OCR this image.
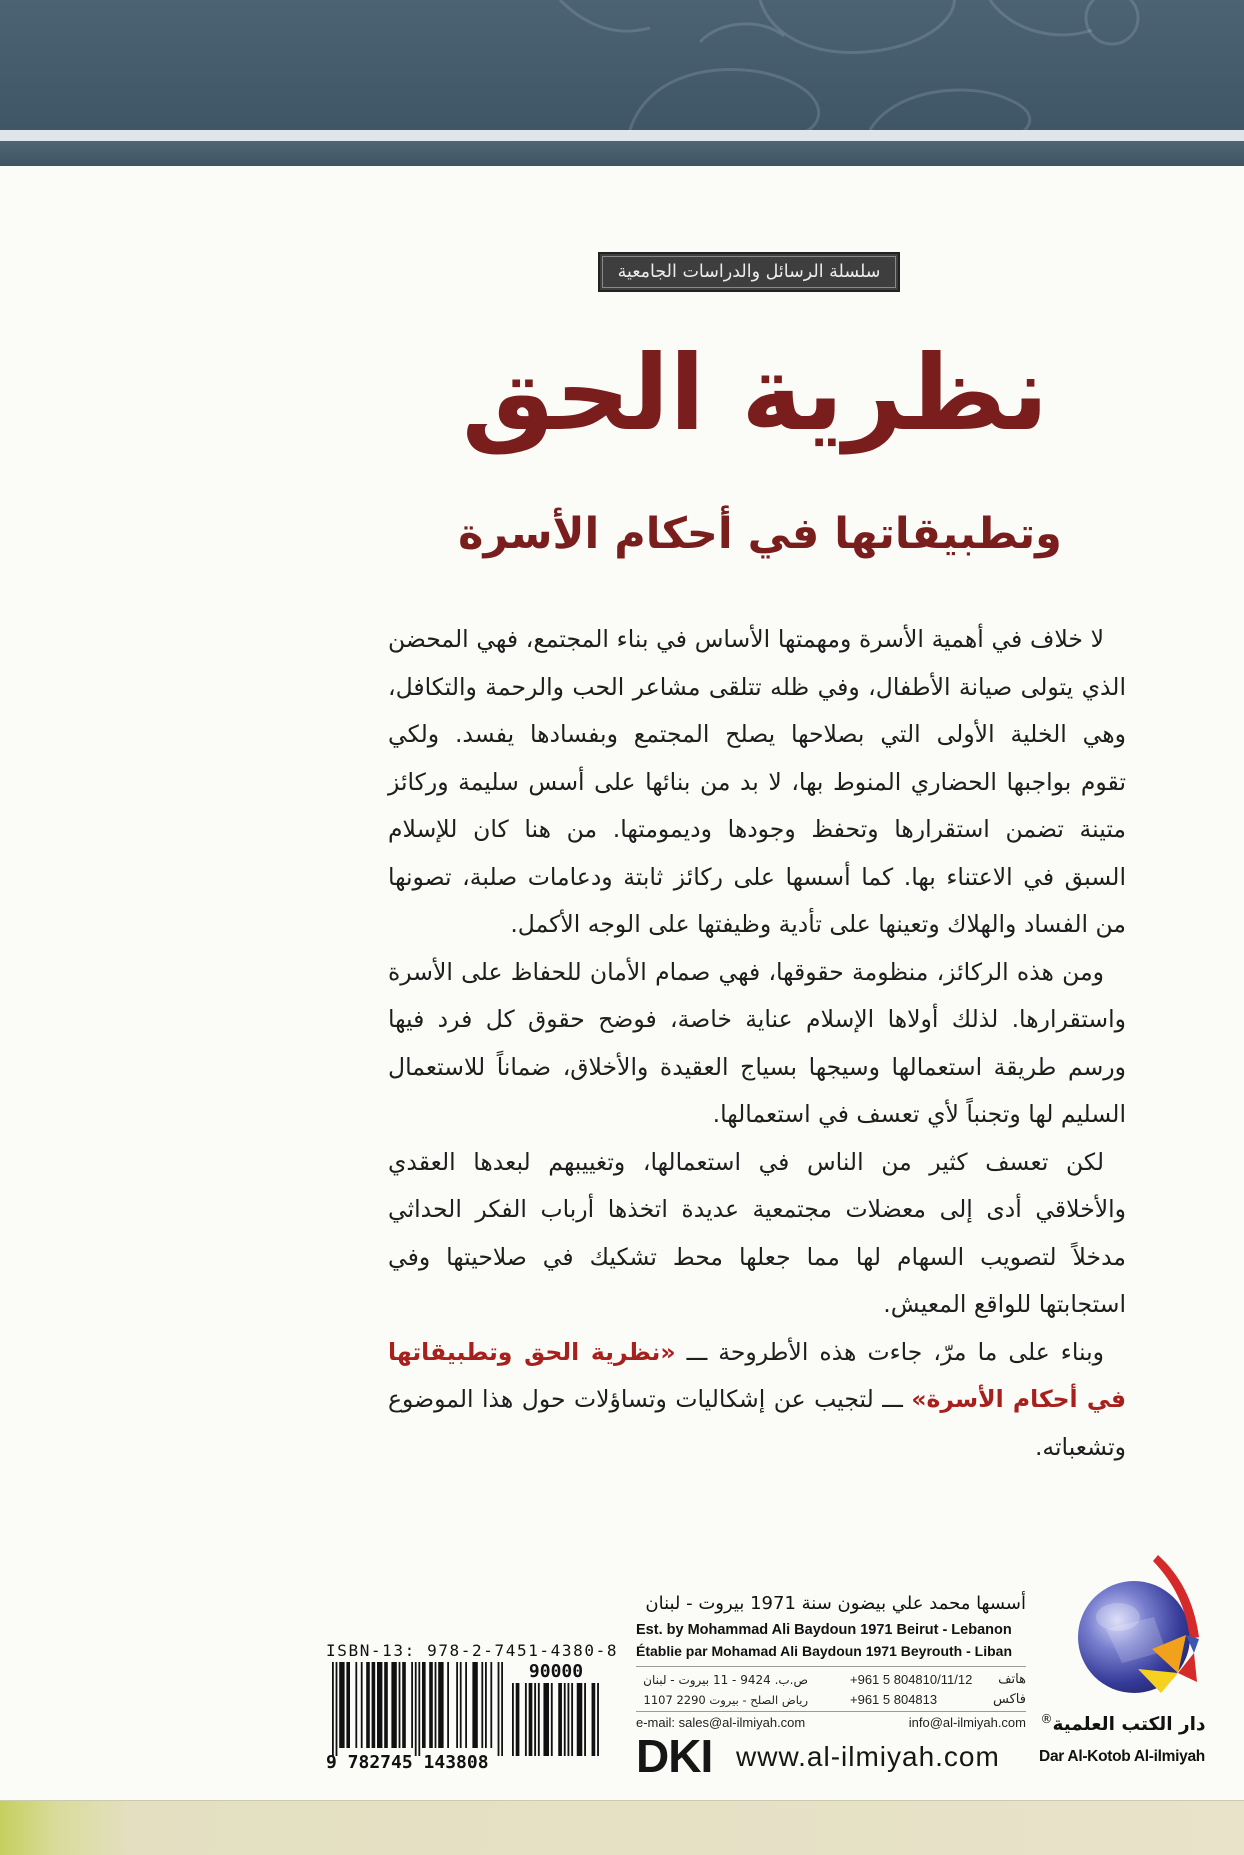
سلسلة الرسائل والدراسات الجامعية
نظرية الحق
وتطبيقاتها في أحكام الأسرة
لا خلاف في أهمية الأسرة ومهمتها الأساس في بناء المجتمع، فهي المحضن
الذي يتولى صيانة الأطفال، وفي ظله تتلقى مشاعر الحب والرحمة والتكافل،
وهي الخلية الأولى التي بصلاحها يصلح المجتمع وبفسادها يفسد. ولكي
تقوم بواجبها الحضاري المنوط بها، لا بد من بنائها على أسس سليمة وركائز
متينة تضمن استقرارها وتحفظ وجودها وديمومتها. من هنا كان للإسلام
السبق في الاعتناء بها. كما أسسها على ركائز ثابتة ودعامات صلبة، تصونها
من الفساد والهلاك وتعينها على تأدية وظيفتها على الوجه الأكمل.
ومن هذه الركائز، منظومة حقوقها، فهي صمام الأمان للحفاظ على الأسرة
واستقرارها. لذلك أولاها الإسلام عناية خاصة، فوضح حقوق كل فرد فيها
ورسم طريقة استعمالها وسيجها بسياج العقيدة والأخلاق، ضماناً للاستعمال
السليم لها وتجنباً لأي تعسف في استعمالها.
لكن تعسف كثير من الناس في استعمالها، وتغييبهم لبعدها العقدي
والأخلاقي أدى إلى معضلات مجتمعية عديدة اتخذها أرباب الفكر الحداثي
مدخلاً لتصويب السهام لها مما جعلها محط تشكيك في صلاحيتها وفي
استجابتها للواقع المعيش.
وبناء على ما مرّ، جاءت هذه الأطروحة ـــ «نظرية الحق وتطبيقاتها
في أحكام الأسرة» ـــ لتجيب عن إشكاليات وتساؤلات حول هذا الموضوع
وتشعباته.
دار الكتب العلمية®
Dar Al-Kotob Al-ilmiyah
أسسها محمد علي بيضون سنة 1971 بيروت - لبنان
Est. by Mohammad Ali Baydoun 1971 Beirut - Lebanon
Établie par Mohamad Ali Baydoun 1971 Beyrouth - Liban
ص.ب. 9424 - 11 بيروت - لبنان	+961 5 804810/11/12 هاتف
رياض الصلح - بيروت 2290 1107	+961 5 804813	فاكس
e-mail: sales@al-ilmiyah.com	info@al-ilmiyah.com
DKI www.al-ilmiyah.com
ISBN-13: 978-2-7451-4380-8
90000
9 782745 143808
